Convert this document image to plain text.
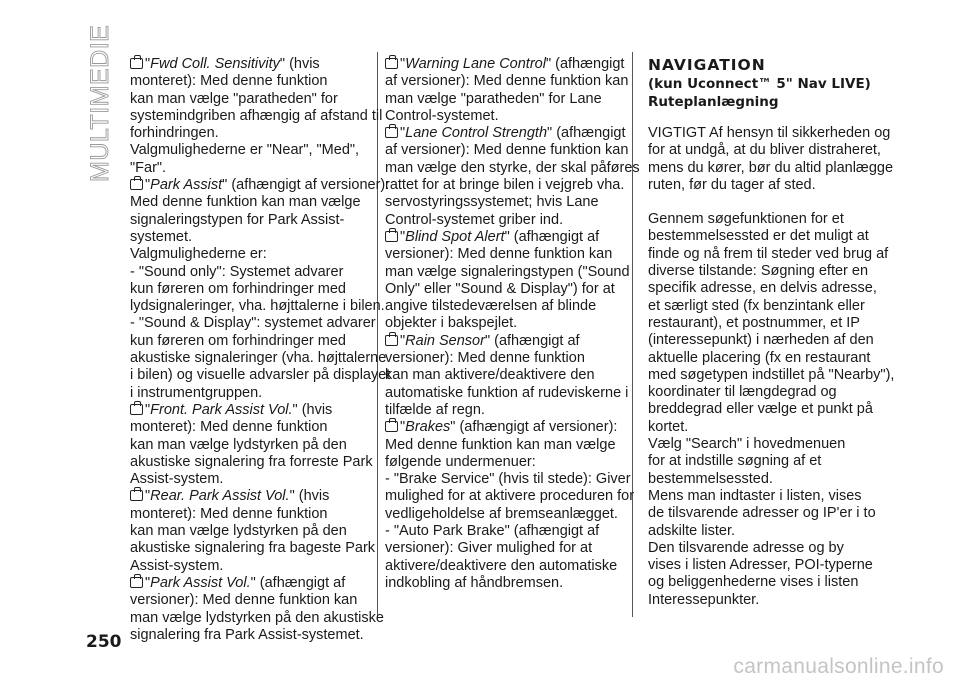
MULTIMEDIE	"Fwd Coll. Sensitivity" (hvis
monteret): Med denne funktion
kan man vælge "paratheden" for
systemindgriben afhængig af afstand til
forhindringen.
Valgmulighederne er "Near", "Med",
"Far".
"Park Assist" (afhængigt af versioner):
Med denne funktion kan man vælge
signaleringstypen for Park Assist-
systemet.
Valgmulighederne er:
- "Sound only": Systemet advarer
kun føreren om forhindringer med
lydsignaleringer, vha. højttalerne i bilen.
- "Sound & Display": systemet advarer
kun føreren om forhindringer med
akustiske signaleringer (vha. højttalerne
i bilen) og visuelle advarsler på displayet
i instrumentgruppen.
"Front. Park Assist Vol." (hvis
monteret): Med denne funktion
kan man vælge lydstyrken på den
akustiske signalering fra forreste Park
Assist-system.
"Rear. Park Assist Vol." (hvis
monteret): Med denne funktion
kan man vælge lydstyrken på den
akustiske signalering fra bageste Park
Assist-system.
"Park Assist Vol." (afhængigt af
versioner): Med denne funktion kan
man vælge lydstyrken på den akustiske
signalering fra Park Assist-systemet.
"Warning Lane Control" (afhængigt
af versioner): Med denne funktion kan
man vælge "paratheden" for Lane
Control-systemet.
"Lane Control Strength" (afhængigt
af versioner): Med denne funktion kan
man vælge den styrke, der skal påføres
rattet for at bringe bilen i vejgreb vha.
servostyringssystemet; hvis Lane
Control-systemet griber ind.
"Blind Spot Alert" (afhængigt af
versioner): Med denne funktion kan
man vælge signaleringstypen ("Sound
Only" eller "Sound & Display") for at
angive tilstedeværelsen af blinde
objekter i bakspejlet.
"Rain Sensor" (afhængigt af
versioner): Med denne funktion
kan man aktivere/deaktivere den
automatiske funktion af rudeviskerne i
tilfælde af regn.
"Brakes" (afhængigt af versioner):
Med denne funktion kan man vælge
følgende undermenuer:
- "Brake Service" (hvis til stede): Giver
mulighed for at aktivere proceduren for
vedligeholdelse af bremseanlægget.
- "Auto Park Brake" (afhængigt af
versioner): Giver mulighed for at
aktivere/deaktivere den automatiske
indkobling af håndbremsen.
NAVIGATION
(kun Uconnect™ 5" Nav LIVE)
Ruteplanlægning
VIGTIGT Af hensyn til sikkerheden og
for at undgå, at du bliver distraheret,
mens du kører, bør du altid planlægge
ruten, før du tager af sted.
Gennem søgefunktionen for et
bestemmelsessted er det muligt at
finde og nå frem til steder ved brug af
diverse tilstande: Søgning efter en
specifik adresse, en delvis adresse,
et særligt sted (fx benzintank eller
restaurant), et postnummer, et IP
(interessepunkt) i nærheden af den
aktuelle placering (fx en restaurant
med søgetypen indstillet på "Nearby"),
koordinater til længdegrad og
breddegrad eller vælge et punkt på
kortet.
Vælg "Search" i hovedmenuen
for at indstille søgning af et
bestemmelsessted.
Mens man indtaster i listen, vises
de tilsvarende adresser og IP'er i to
adskilte lister.
Den tilsvarende adresse og by
vises i listen Adresser, POI-typerne
og beliggenhederne vises i listen
Interessepunkter.
250
carmanualsonline.info
